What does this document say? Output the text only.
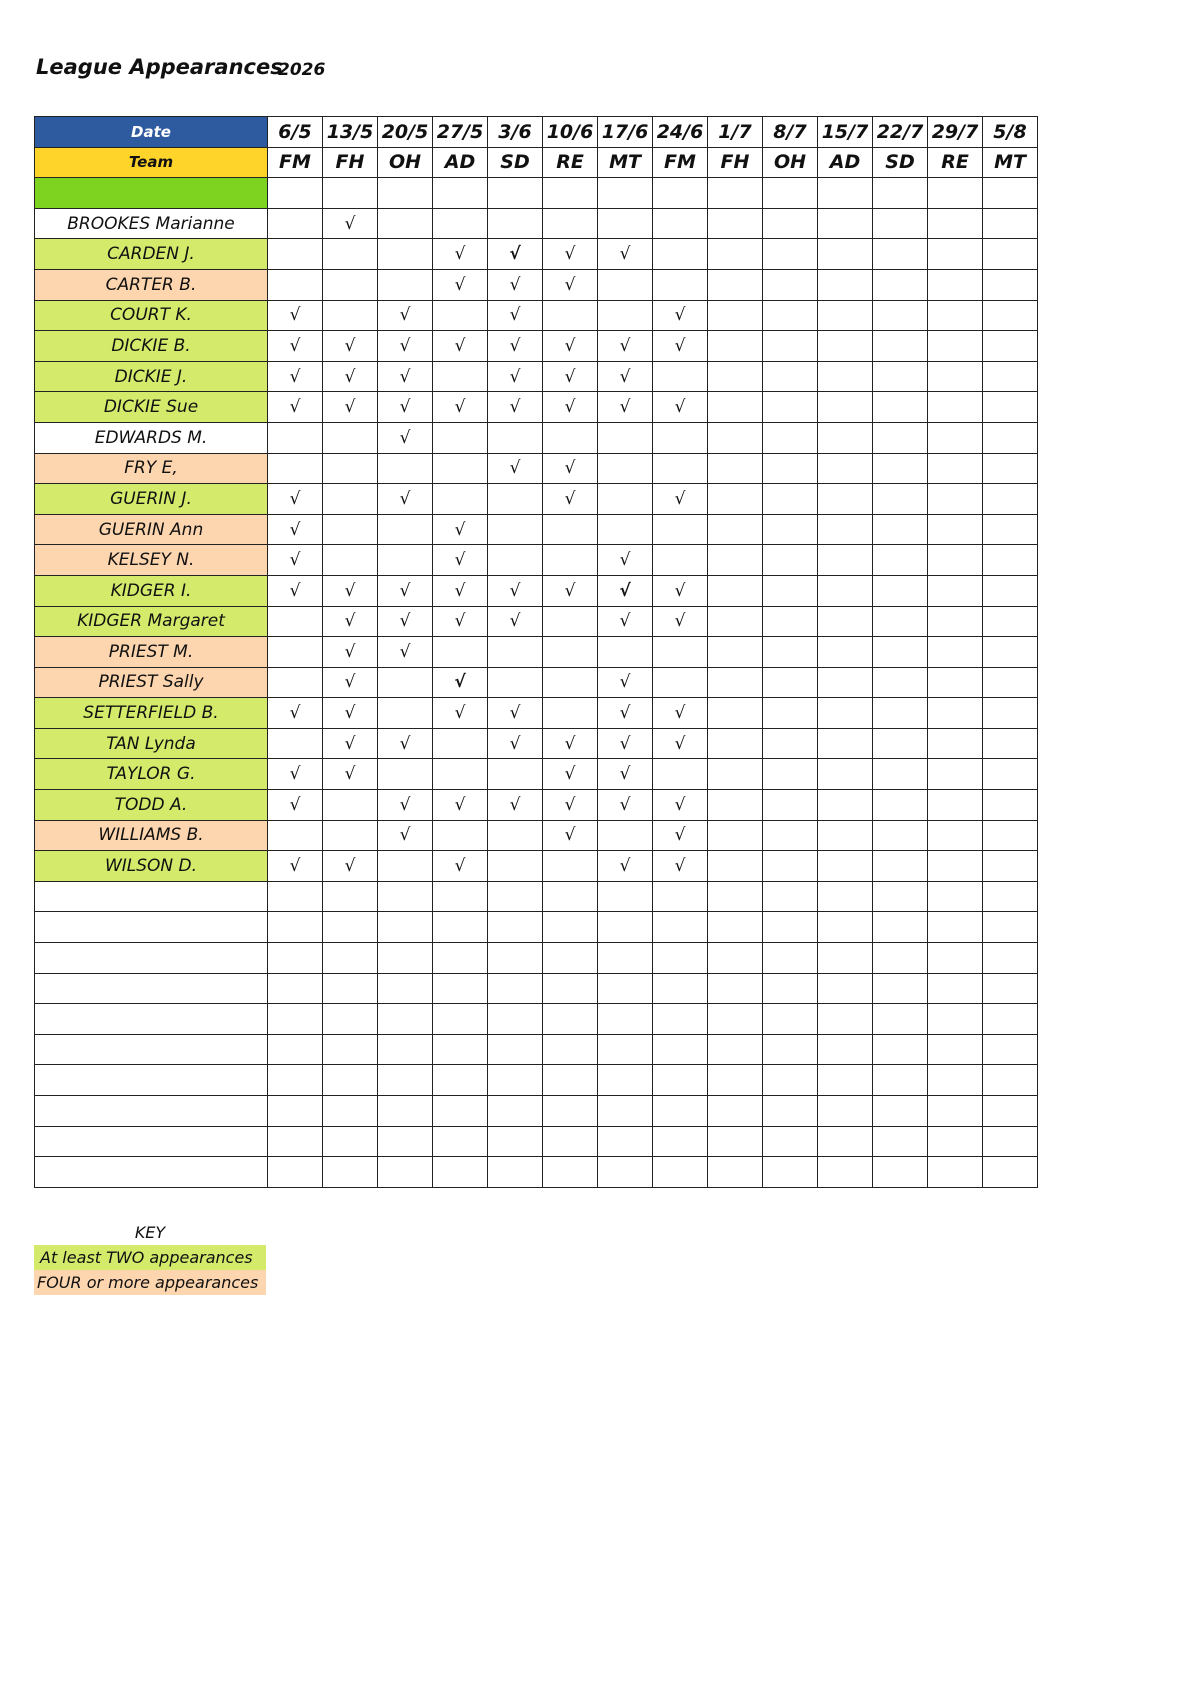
League Appearances
2026
Date	6/5	13/5	20/5	27/5	3/6	10/6	17/6	24/6	1/7	8/7	15/7	22/7	29/7	5/8
Team	FM	FH	OH	AD	SD	RE	MT	FM	FH	OH	AD	SD	RE	MT

BROOKES Marianne		√												
CARDEN J.				√	√	√	√							
CARTER B.				√	√	√								
COURT K.	√		√		√			√						
DICKIE B.	√	√	√	√	√	√	√	√						
DICKIE J.	√	√	√		√	√	√							
DICKIE Sue	√	√	√	√	√	√	√	√						
EDWARDS M.			√											
FRY E,					√	√								
GUERIN J.	√		√			√		√						
GUERIN Ann	√			√										
KELSEY N.	√			√			√							
KIDGER I.	√	√	√	√	√	√	√	√						
KIDGER Margaret		√	√	√	√		√	√						
PRIEST M.		√	√											
PRIEST Sally		√		√			√							
SETTERFIELD B.	√	√		√	√		√	√						
TAN Lynda		√	√		√	√	√	√						
TAYLOR G.	√	√				√	√							
TODD A.	√		√	√	√	√	√	√						
WILLIAMS B.			√			√		√						
WILSON D.	√	√		√			√	√						

KEY
At least TWO appearances
FOUR or more appearances
